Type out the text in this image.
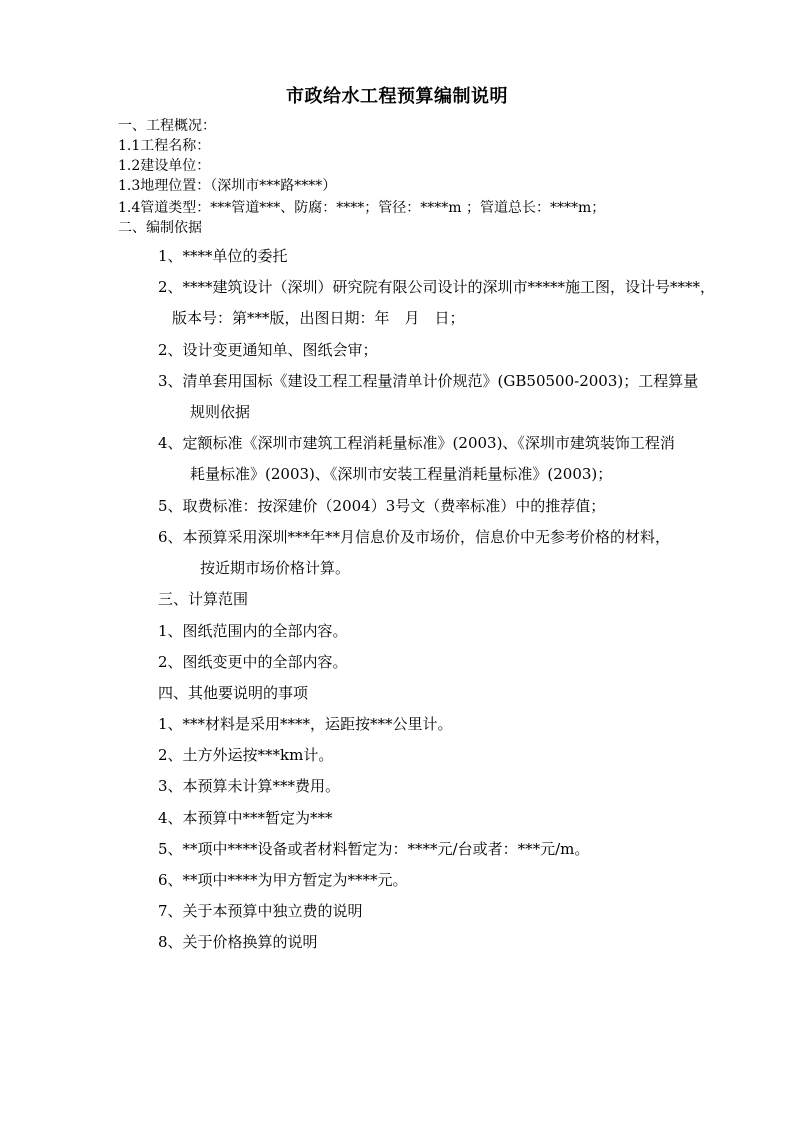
市政给水工程预算编制说明
一、工程概况：
1.1工程名称：
1.2建设单位：
1.3地理位置：（深圳市***路****）
1.4管道类型：***管道***、防腐：****；管径：****m ；管道总长：****m；
二、编制依据
1、****单位的委托
2、****建筑设计（深圳）研究院有限公司设计的深圳市*****施工图，设计号****，
版本号：第***版，出图日期：年　月　日；
2、设计变更通知单、图纸会审；
3、清单套用国标《建设工程工程量清单计价规范》(GB50500-2003)；工程算量
规则依据
4、定额标准《深圳市建筑工程消耗量标准》(2003)、《深圳市建筑装饰工程消
耗量标准》(2003)、《深圳市安装工程量消耗量标准》(2003)；
5、取费标准：按深建价（2004）3号文（费率标准）中的推荐值；
6、本预算采用深圳***年**月信息价及市场价，信息价中无参考价格的材料，
按近期市场价格计算。
三、计算范围
1、图纸范围内的全部内容。
2、图纸变更中的全部内容。
四、其他要说明的事项
1、***材料是采用****，运距按***公里计。
2、土方外运按***km计。
3、本预算未计算***费用。
4、本预算中***暂定为***
5、**项中****设备或者材料暂定为：****元/台或者：***元/m。
6、**项中****为甲方暂定为****元。
7、关于本预算中独立费的说明
8、关于价格换算的说明
